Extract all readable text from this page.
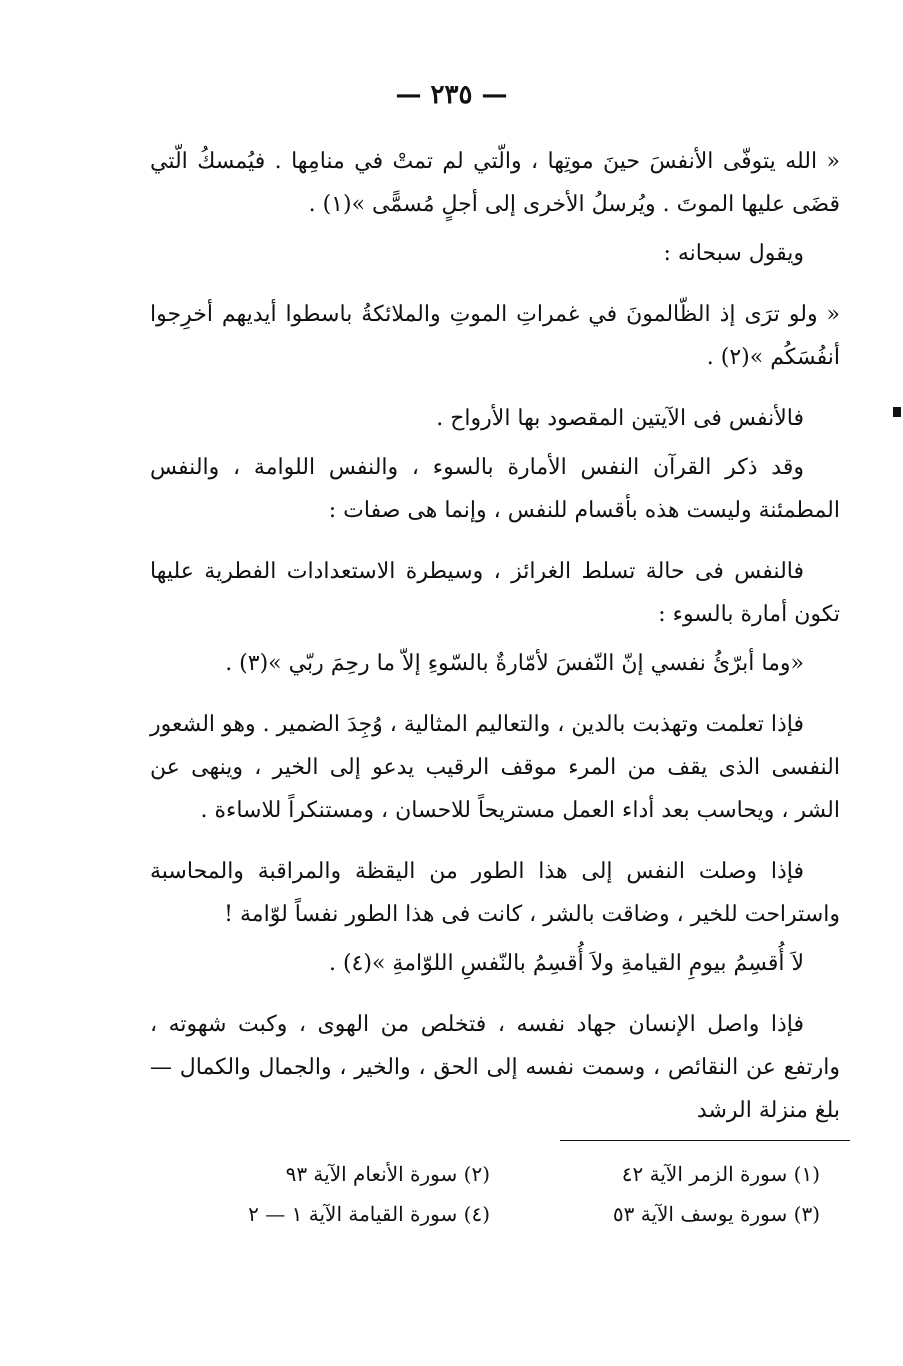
— ٢٣٥ —

« الله يتوفّى الأنفسَ حينَ موتِها ، والّتي لم تمتْ في منامِها . فيُمسكُ الّتي قضَى عليها الموتَ . ويُرسلُ الأخرى إلى أجلٍ مُسمًّى »(١) .

ويقول سبحانه :

« ولو ترَى إذ الظّالمونَ في غمراتِ الموتِ والملائكةُ باسطوا أيديهم أخرِجوا أنفُسَكُم »(٢) .

فالأنفس فى الآيتين المقصود بها الأرواح .

وقد ذكر القرآن النفس الأمارة بالسوء ، والنفس اللوامة ، والنفس المطمئنة وليست هذه بأقسام للنفس ، وإنما هى صفات :

فالنفس فى حالة تسلط الغرائز ، وسيطرة الاستعدادات الفطرية عليها تكون أمارة بالسوء :

«وما أبرّئُ نفسي إنّ النّفسَ لأمّارةٌ بالسّوءِ إلاّ ما رحِمَ ربّي »(٣) .

فإذا تعلمت وتهذبت بالدين ، والتعاليم المثالية ، وُجِدَ الضمير . وهو الشعور النفسى الذى يقف من المرء موقف الرقيب يدعو إلى الخير ، وينهى عن الشر ، ويحاسب بعد أداء العمل مستريحاً للاحسان ، ومستنكراً للاساءة .

فإذا وصلت النفس إلى هذا الطور من اليقظة والمراقبة والمحاسبة واستراحت للخير ، وضاقت بالشر ، كانت فى هذا الطور نفساً لوّامة !

لاَ أُقسِمُ بيومِ القيامةِ ولاَ أُقسِمُ بالنّفسِ اللوّامةِ »(٤) .

فإذا واصل الإنسان جهاد نفسه ، فتخلص من الهوى ، وكبت شهوته ، وارتفع عن النقائص ، وسمت نفسه إلى الحق ، والخير ، والجمال والكمال — بلغ منزلة الرشد

(١) سورة الزمر الآية ٤٢
(٢) سورة الأنعام الآية ٩٣
(٣) سورة يوسف الآية ٥٣
(٤) سورة القيامة الآية ١ — ٢
